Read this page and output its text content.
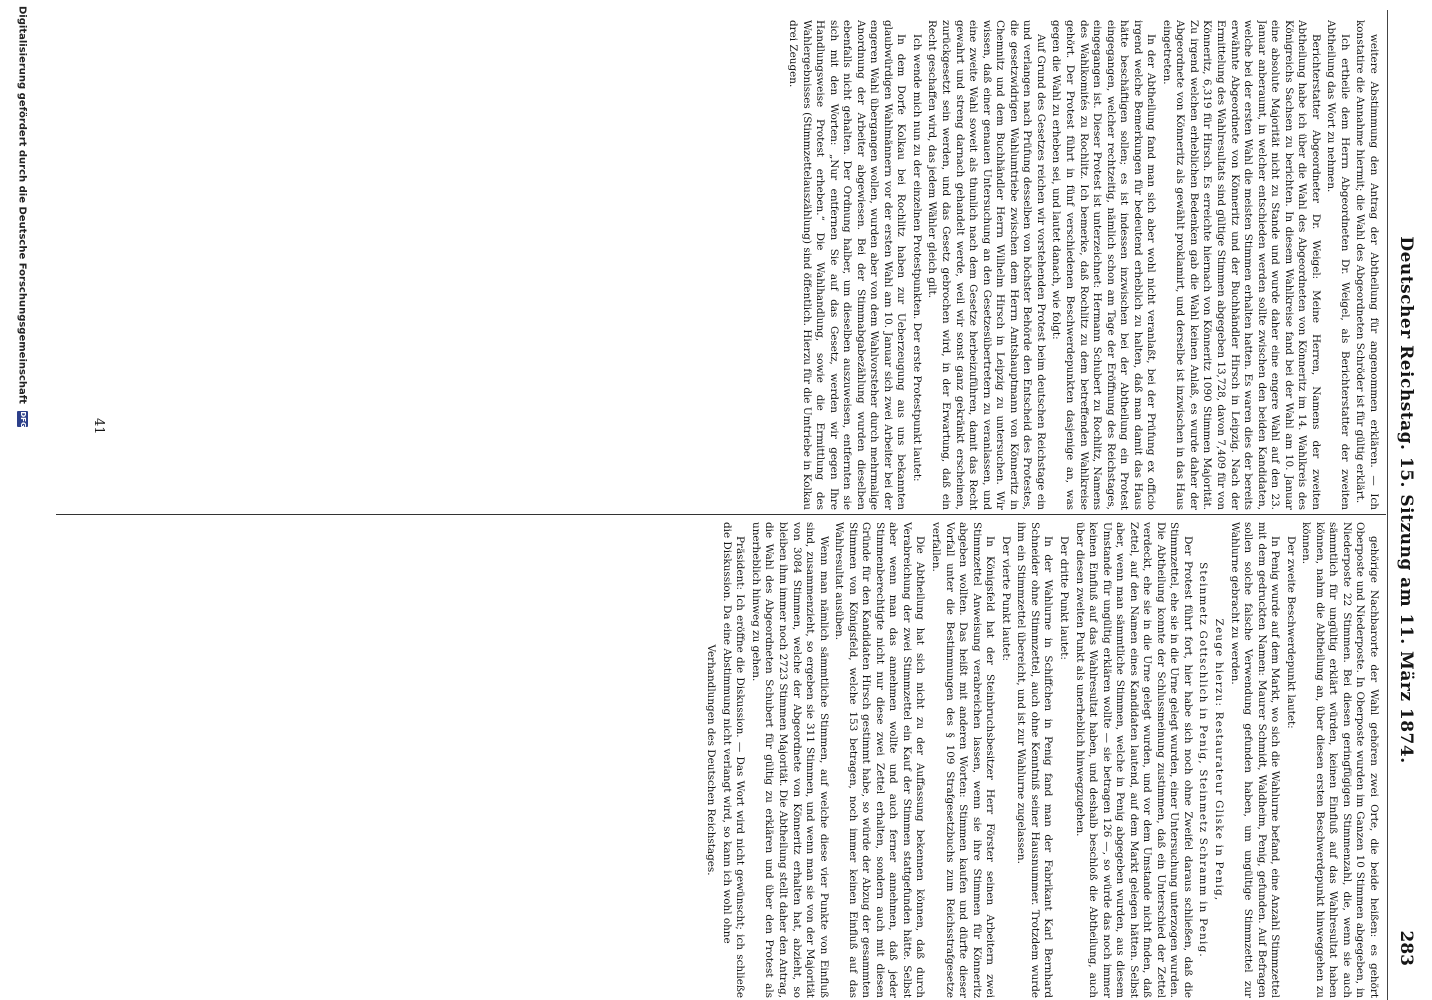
Deutscher Reichstag. 15. Sitzung am 11. März 1874.
283

weitere Abstimmung den Antrag der Abtheilung für angenommen erklären. — Ich konstatire die Annahme hiermit; die Wahl des Abgeordneten Schröder ist für gültig erklärt.

Ich ertheile dem Herrn Abgeordneten Dr. Weigel, als Berichterstatter der zweiten Abtheilung das Wort zu nehmen.

Berichterstatter Abgeordneter Dr. Weigel: Meine Herren, Namens der zweiten Abtheilung habe ich über die Wahl des Abgeordneten von Könneritz im 14. Wahlkreis des Königreichs Sachsen zu berichten. In diesem Wahlkreise fand bei der Wahl am 10. Januar eine absolute Majorität nicht zu Stande und wurde daher eine engere Wahl auf den 23. Januar anberaumt, in welcher entschieden werden sollte zwischen den beiden Kandidaten, welche bei der ersten Wahl die meisten Stimmen erhalten hatten. Es waren dies der bereits erwähnte Abgeordnete von Könneritz und der Buchhändler Hirsch in Leipzig. Nach der Ermittelung des Wahlresultats sind gültige Stimmen abgegeben 13,728, davon 7,409 für von Könneritz, 6,319 für Hirsch. Es erreichte hiernach von Könneritz 1090 Stimmen Majorität. Zu irgend welchen erheblichen Bedenken gab die Wahl keinen Anlaß, es wurde daher der Abgeordnete von Könneritz als gewählt proklamirt, und derselbe ist inzwischen in das Haus eingetreten.

In der Abtheilung fand man sich aber wohl nicht veranlaßt, bei der Prüfung ex officio irgend welche Bemerkungen für bedeutend erheblich zu halten, daß man damit das Haus hätte beschäftigen sollen; es ist indessen inzwischen bei der Abtheilung ein Protest eingegangen, welcher rechtzeitig, nämlich schon am Tage der Eröffnung des Reichstages, eingegangen ist. Dieser Protest ist unterzeichnet: Hermann Schubert zu Rochlitz, Namens des Wahlkomités zu Rochlitz. Ich bemerke, daß Rochlitz zu dem betreffenden Wahlkreise gehört. Der Protest führt in fünf verschiedenen Beschwerdepunkten dasjenige an, was gegen die Wahl zu erheben sei, und lautet danach, wie folgt:

Auf Grund des Gesetzes reichen wir vorstehenden Protest beim deutschen Reichstage ein und verlangen nach Prüfung desselben von höchster Behörde den Entscheid des Protestes, die gesetzwidrigen Wahlumtriebe zwischen dem Herrn Amtshauptmann von Könneritz in Chemnitz und dem Buchhändler Herrn Wilhelm Hirsch in Leipzig zu untersuchen. Wir wissen, daß einer genauen Untersuchung an den Gesetzesübertretern zu veranlassen, und eine zweite Wahl soweit als thunlich nach dem Gesetze herbeizuführen, damit das Recht gewahrt und streng darnach gehandelt werde, weil wir sonst ganz gekränkt erscheinen, zurückgesetzt sein werden, und das Gesetz gebrochen wird, in der Erwartung, daß ein Recht geschaffen wird, das jedem Wähler gleich gilt.

Ich wende mich nun zu der einzelnen Protestpunkten. Der erste Protestpunkt lautet:

In dem Dorfe Kolkau bei Rochlitz haben zur Ueberzeugung aus uns bekannten glaubwürdigen Wahlmännern vor der ersten Wahl am 10. Januar sich zwei Arbeiter bei der engeren Wahl übergangen wollen, wurden aber von dem Wahlvorsteher durch mehrmalige Anordnung der Arbeiter abgewiesen. Bei der Stimmabgabezählung wurden dieselben ebenfalls nicht gehalten. Der Ordnung halber, um dieselben auszuweisen, entfernten sie sich mit den Worten: „Nur entfernen Sie auf das Gesetz, werden wir gegen Ihre Handlungsweise Protest erheben.“ Die Wahlhandlung, sowie die Ermittlung des Wahlergebnisses (Stimmzettelauszählung) sind öffentlich. Hierzu für die Umtriebe in Kolkau drei Zeugen.

gehörige Nachbarorte der Wahl gehören zwei Orte, die beide heißen: es gehört Oberposte und Niederposte. In Oberposte wurden im Ganzen 10 Stimmen abgegeben, in Niederposte 22 Stimmen. Bei diesen geringfügigen Stimmenzahl, die, wenn sie auch sämmtlich für ungültig erklärt würden, keinen Einfluß auf das Wahlresultat haben können, nahm die Abtheilung an, über diesen ersten Beschwerdepunkt hinweggehen zu können.

Der zweite Beschwerdepunkt lautet:

In Penig wurde auf dem Markt, wo sich die Wahlurne befand, eine Anzahl Stimmzettel mit dem gedruckten Namen: Maurer Schmidt, Waldheim, Penig, gefunden. Auf Befragen sollen solche falsche Verwendung gefunden haben, um ungültige Stimmzettel zur Wahlurne gebracht zu werden.

Zeuge hierzu: Restaurateur Gliske in Penig,

Steinmetz Gottschlich in Penig, Steinmetz Schramm in Penig.

Der Protest führt fort, hier habe sich noch ohne Zweifel daraus schließen, daß die Stimmzettel, ehe sie in die Urne gelegt wurden, einer Untersuchung unterzogen wurden. Die Abtheilung konnte der Schlussmeinung zustimmen, daß ein Unterschied der Zettel verdeckt, ehe sie in die Urne gelegt wurden, und vor dem Umstande nicht finden, daß Zettel, auf den Namen eines Kandidaten lautend, auf dem Markt gelegen hätten. Selbst aber, wenn man sämmtliche Stimmen, welche in Penig abgegeben wurden, aus diesem Umstande für ungültig erklären wollte — sie betragen 126 —, so würde das noch immer keinen Einfluß auf das Wahlresultat haben, und deshalb beschloß die Abtheilung, auch über diesen zweiten Punkt als unerheblich hinwegzugehen.

Der dritte Punkt lautet:

In der Wahlurne in Schiffchen in Penig fand man der Fabrikant Karl Bernhard Schneider ohne Stimmzettel, auch ohne Kenntniß seiner Hausnummer. Trotzdem wurde ihm ein Stimmzettel übereicht, und ist zur Wahlurne zugelassen.

Der vierte Punkt lautet:

In Königsfeld hat der Steinbruchsbesitzer Herr Förster seinen Arbeitern zwei Stimmzettel Anweisung verabreichen lassen, wenn sie ihre Stimmen für Könneritz abgeben wollten. Das heißt mit anderen Worten: Stimmen kaufen und dürfte dieser Vorfall unter die Bestimmungen des § 109 Strafgesetzbuchs zum Reichsstrafgesetze verfallen.

Die Abtheilung hat sich nicht zu der Auffassung bekennen können, daß durch Verabreichung der zwei Stimmzettel ein Kauf der Stimmen stattgefunden hätte. Selbst aber wenn man das annehmen wollte und auch ferner annehmen, daß jeder Stimmenberechtigte nicht nur diese zwei Zettel erhalten, sondern auch mit diesen Gründe für den Kandidaten Hirsch gestimmt habe, so würde der Abzug der gesammten Stimmen von Königsfeld, welche 153 betragen, noch immer keinen Einfluß auf das Wahlresultat ausüben.

Wenn man nämlich sämmtliche Stimmen, auf welche diese vier Punkte von Einfluß sind, zusammenzieht, so ergeben sie 311 Stimmen, und wenn man sie von der Majorität von 3084 Stimmen, welche der Abgeordnete von Könneritz erhalten hat, abzieht, so bleiben ihm immer noch 2723 Stimmen Majorität. Die Abtheilung stellt daher den Antrag, die Wahl des Abgeordneten Schubert für gültig zu erklären und über den Protest als unerheblich hinweg zu gehen.

Präsident: Ich eröffne die Diskussion. — Das Wort wird nicht gewünscht; ich schließe die Diskussion. Da eine Abstimmung nicht verlangt wird, so kann ich wohl ohne

Verhandlungen des Deutschen Reichstages.

41
Digitalisierung gefördert durch die Deutsche Forschungsgemeinschaft DFG
